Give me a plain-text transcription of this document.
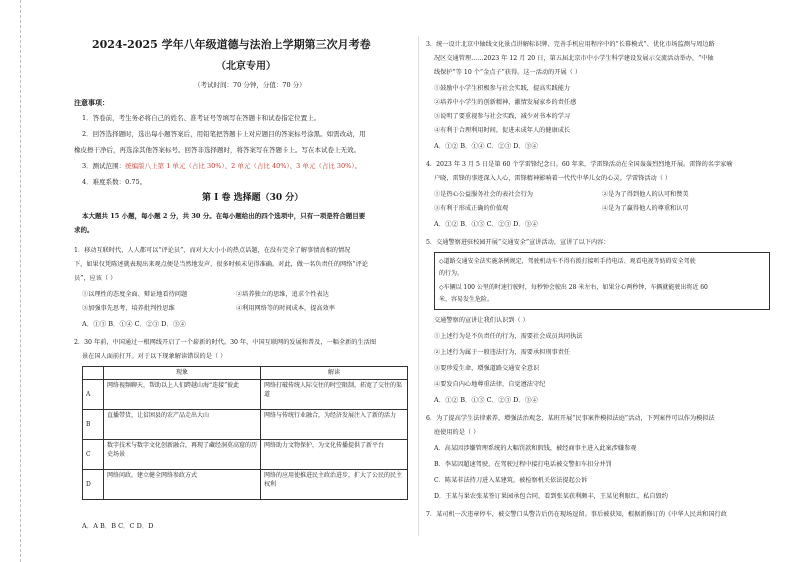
2024-2025 学年八年级道德与法治上学期第三次月考卷
（北京专用）
（考试时间：70 分钟，分值：70 分）
注意事项：
1．答卷前，考生务必将自己的姓名、准考证号等填写在答题卡和试卷指定位置上。
2．回答选择题时，选出每小题答案后，用铅笔把答题卡上对应题目的答案标号涂黑。如需改动，用
橡皮擦干净后，再选涂其他答案标号。回答非选择题时，将答案写在答题卡上。写在本试卷上无效。
3．测试范围：统编版八上第 1 单元（占比 30%）、2 单元（占比 40%）、3 单元（占比 30%）。
4．难度系数：0.75。
第 I 卷 选择题（30 分）
本大题共 15 小题，每小题 2 分，共 30 分。在每小题给出的四个选项中，只有一项是符合题目要
求的。
1．移动互联时代，人人都可以“评论员”，而对大大小小的热点话题，在没有完全了解事情真相的情况
下，如果仅凭陈述就表现出来观点便是当然地发声，很多时候未见得准确。对此，做一名负责任的网络“评论
员”，应该（ ）
①以理性的态度全面、辩证地看待问题	②培养独立的思维，追求个性表达
③加强事先思考，培养批判性思维	④利用网络等的时间成本，提高效率
A．①③ B．①④ C．②③ D．③④
2．30 年前，中国通过一根网线开启了一个崭新的时代。30 年，中国互联网的发展和普及，一幅全新的生活图
景在国人面前打开。对于以下现象解读错误的是（ ）
	现象	解读
A	网络视频聊天，帮助以上人们跨越山海“连接”彼此	网络打破传统人际交往的时空限制，拓宽了交往的渠道
B	直播带货，让贫困县的农产品走出大山	网络与传统行业融合，为经济发展注入了新的活力
C	数字技术与数字文化创新融合，再现了藏经洞莫高窟的历史场景	网络助力文物保护，为文化传播提供了新平台
D	网络问政，建立健全网络参政方式	网络的应用使推进民主政治进步，扩大了公民的民主权利
A．A B．B C．C D．D
3．统一设计北京中轴线文化景点讲解标识牌、完善手机应用程序中的“长幕模式”、优化市场监测与周边路
况区交通管理……2023 年 12 月 20 日，第五届北京市中小学生科学建设发展示交流活动举办，“中轴
线保护”等 10 个“金点子”获得。这一活动的开展（ ）
①鼓励中小学生积极参与社会实践，提高实践能力
②培养中小学生的创新精神，激情发展家乡的责任感
③说明了要重视参与社会实践，减少对书本的学习
④有利于合理利用时间，促进未成年人的健康成长
A．①② B．①④ C．②③ D．③④
4．2023 年 3 月 5 日是第 60 个学雷锋纪念日。60 年来，学雷锋活动在全国轰轰烈烈地开展。雷锋的名字家喻
户晓，雷锋的事迹深入人心，雷锋精神影响着一代代中华儿女的心灵。学雷锋活动（ ）
①是热心公益服务社会的表社会行为	②是为了得到他人的认可和赞美
③有利于形成正确的价值观	④是为了赢得他人的尊重和认可
A．①② B．①③ C．②③ D．③④
5．交通警察进驻校园开展“交通安全”宣讲活动，宣讲了以下内容：
◇道路交通安全法实施条例规定，驾驶机动车不得有拨打接听手持电话、观看电视等妨碍安全驾驶
的行为。
◇车辆以 100 公里的时速行驶时，每秒钟会驶出 28 米左右，如果分心两秒钟，车辆就能驶出将近 60
米，容易发生危险。
交通警察的宣讲让我们认识到（ ）
①上述行为是不负责任的行为，需要社会成员共同执法
②上述行为属于一般违法行为，需要承担刑事责任
③要珍爱生命，增强道路交通安全意识
④要发自内心地尊重法律，自觉遵法守纪
A．①② B．①③ C．②③ D．③④
6．为了提高学生法律素养，增强法治观念，某班开展“民事案件模拟法庭”活动，下列案件可以作为模拟法
庭使用的是（ ）
A．高某因涉嫌管理系统的大幅罚款和假钱，被经商事主进入此案涉嫌参观
B．李某因超速驾驶、在驾驶过程中接打电话被交警扣车扣分并罚
C．陈某非法持刀进入某建筑，被检察机关依法提起公诉
D．王某与果农张某签订果园承包合同，看到张某获利颇丰，王某见利眼红，私自毁约
7．某司机一次违章停车，被交警口头警告后仍在现场逗留。事后被获知，根据新修订的《中华人民共和国行政
